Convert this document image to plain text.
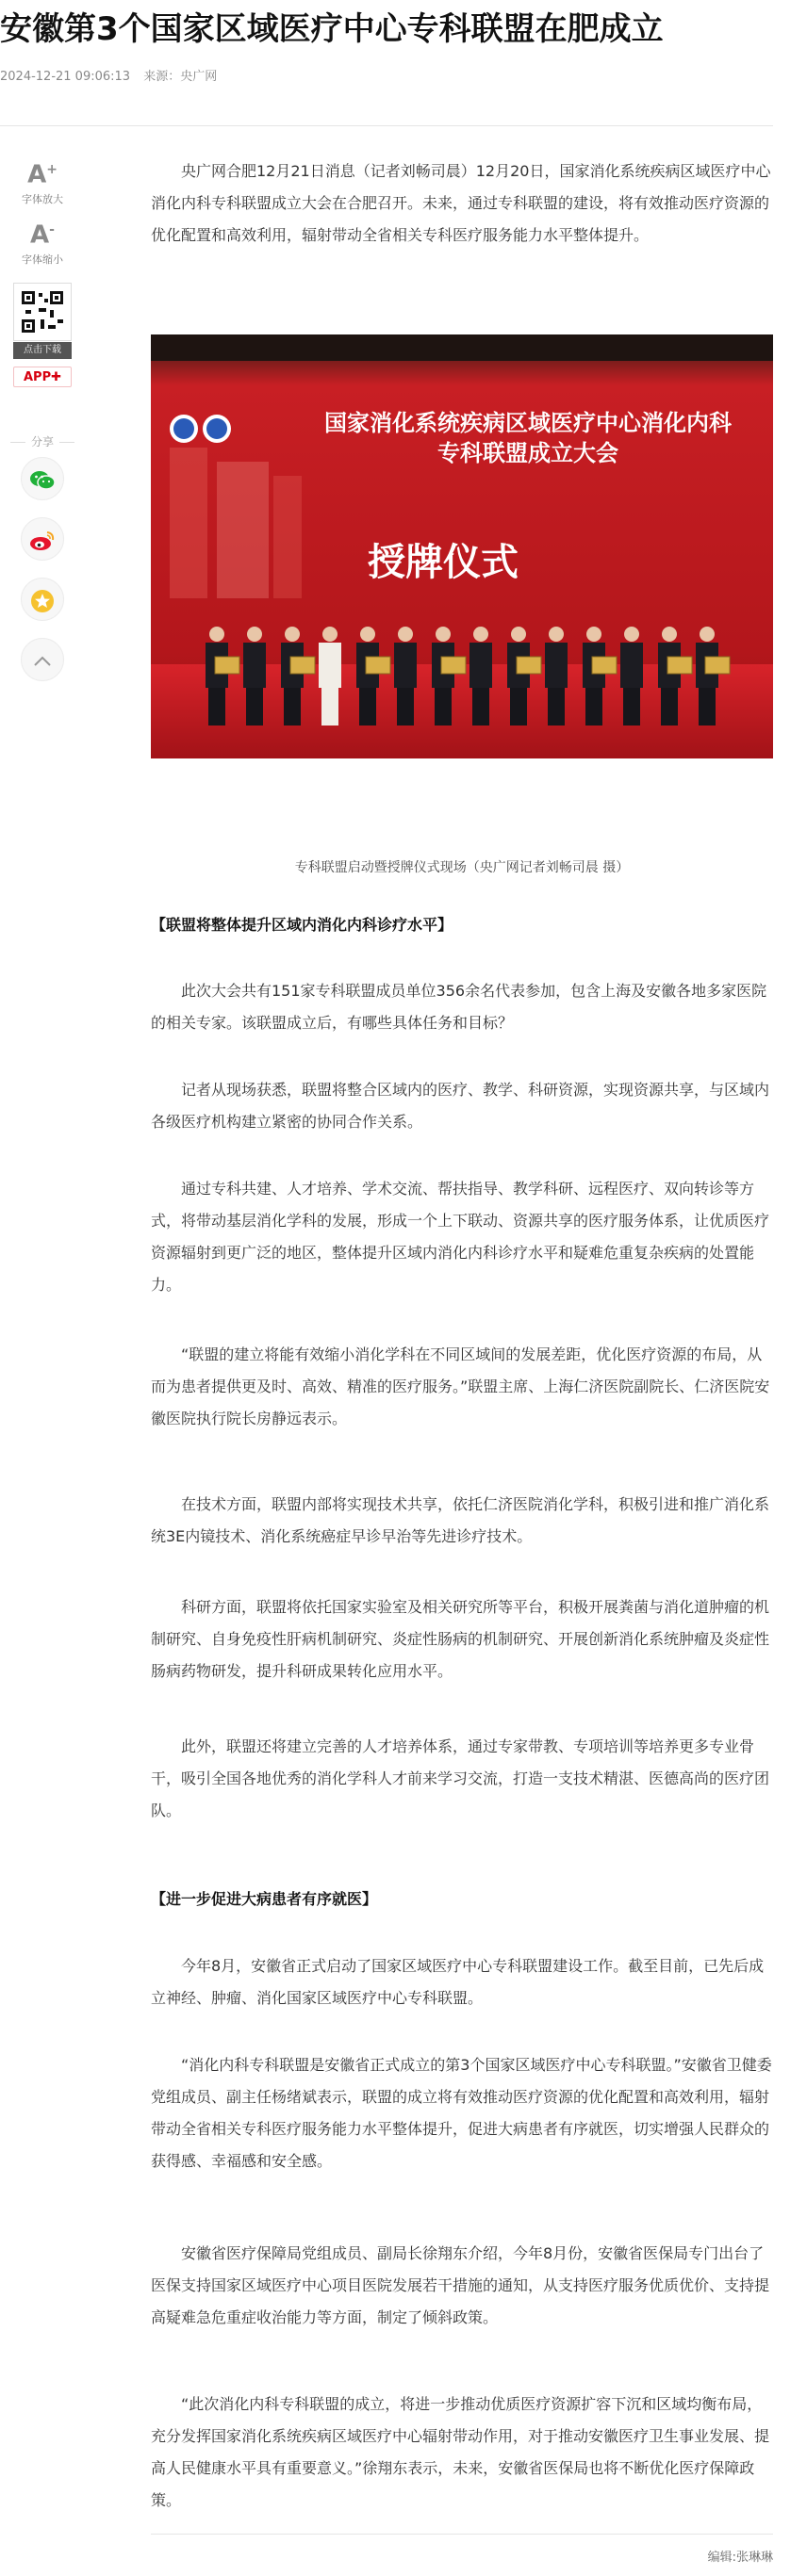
安徽第3个国家区域医疗中心专科联盟在肥成立
2024-12-21 09:06:13 来源：央广网
A+
字体放大
A-
字体缩小
点击下载
APP✚
分享

央广网合肥12月21日消息（记者刘畅司晨）12月20日，国家消化系统疾病区域医疗中心消化内科专科联盟成立大会在合肥召开。未来，通过专科联盟的建设，将有效推动医疗资源的优化配置和高效利用，辐射带动全省相关专科医疗服务能力水平整体提升。

国家消化系统疾病区域医疗中心消化内科
专科联盟成立大会
授牌仪式
专科联盟启动暨授牌仪式现场（央广网记者刘畅司晨 摄）

【联盟将整体提升区域内消化内科诊疗水平】

此次大会共有151家专科联盟成员单位356余名代表参加，包含上海及安徽各地多家医院的相关专家。该联盟成立后，有哪些具体任务和目标？

记者从现场获悉，联盟将整合区域内的医疗、教学、科研资源，实现资源共享，与区域内各级医疗机构建立紧密的协同合作关系。

通过专科共建、人才培养、学术交流、帮扶指导、教学科研、远程医疗、双向转诊等方式，将带动基层消化学科的发展，形成一个上下联动、资源共享的医疗服务体系，让优质医疗资源辐射到更广泛的地区，整体提升区域内消化内科诊疗水平和疑难危重复杂疾病的处置能力。

“联盟的建立将能有效缩小消化学科在不同区域间的发展差距，优化医疗资源的布局，从而为患者提供更及时、高效、精准的医疗服务。”联盟主席、上海仁济医院副院长、仁济医院安徽医院执行院长房静远表示。

在技术方面，联盟内部将实现技术共享，依托仁济医院消化学科，积极引进和推广消化系统3E内镜技术、消化系统癌症早诊早治等先进诊疗技术。

科研方面，联盟将依托国家实验室及相关研究所等平台，积极开展粪菌与消化道肿瘤的机制研究、自身免疫性肝病机制研究、炎症性肠病的机制研究、开展创新消化系统肿瘤及炎症性肠病药物研发，提升科研成果转化应用水平。

此外，联盟还将建立完善的人才培养体系，通过专家带教、专项培训等培养更多专业骨干，吸引全国各地优秀的消化学科人才前来学习交流，打造一支技术精湛、医德高尚的医疗团队。

【进一步促进大病患者有序就医】

今年8月，安徽省正式启动了国家区域医疗中心专科联盟建设工作。截至目前，已先后成立神经、肿瘤、消化国家区域医疗中心专科联盟。

“消化内科专科联盟是安徽省正式成立的第3个国家区域医疗中心专科联盟。”安徽省卫健委党组成员、副主任杨绪斌表示，联盟的成立将有效推动医疗资源的优化配置和高效利用，辐射带动全省相关专科医疗服务能力水平整体提升，促进大病患者有序就医，切实增强人民群众的获得感、幸福感和安全感。

安徽省医疗保障局党组成员、副局长徐翔东介绍，今年8月份，安徽省医保局专门出台了医保支持国家区域医疗中心项目医院发展若干措施的通知，从支持医疗服务优质优价、支持提高疑难急危重症收治能力等方面，制定了倾斜政策。

“此次消化内科专科联盟的成立，将进一步推动优质医疗资源扩容下沉和区域均衡布局，充分发挥国家消化系统疾病区域医疗中心辐射带动作用，对于推动安徽医疗卫生事业发展、提高人民健康水平具有重要意义。”徐翔东表示，未来，安徽省医保局也将不断优化医疗保障政策。

编辑:张琳琳
